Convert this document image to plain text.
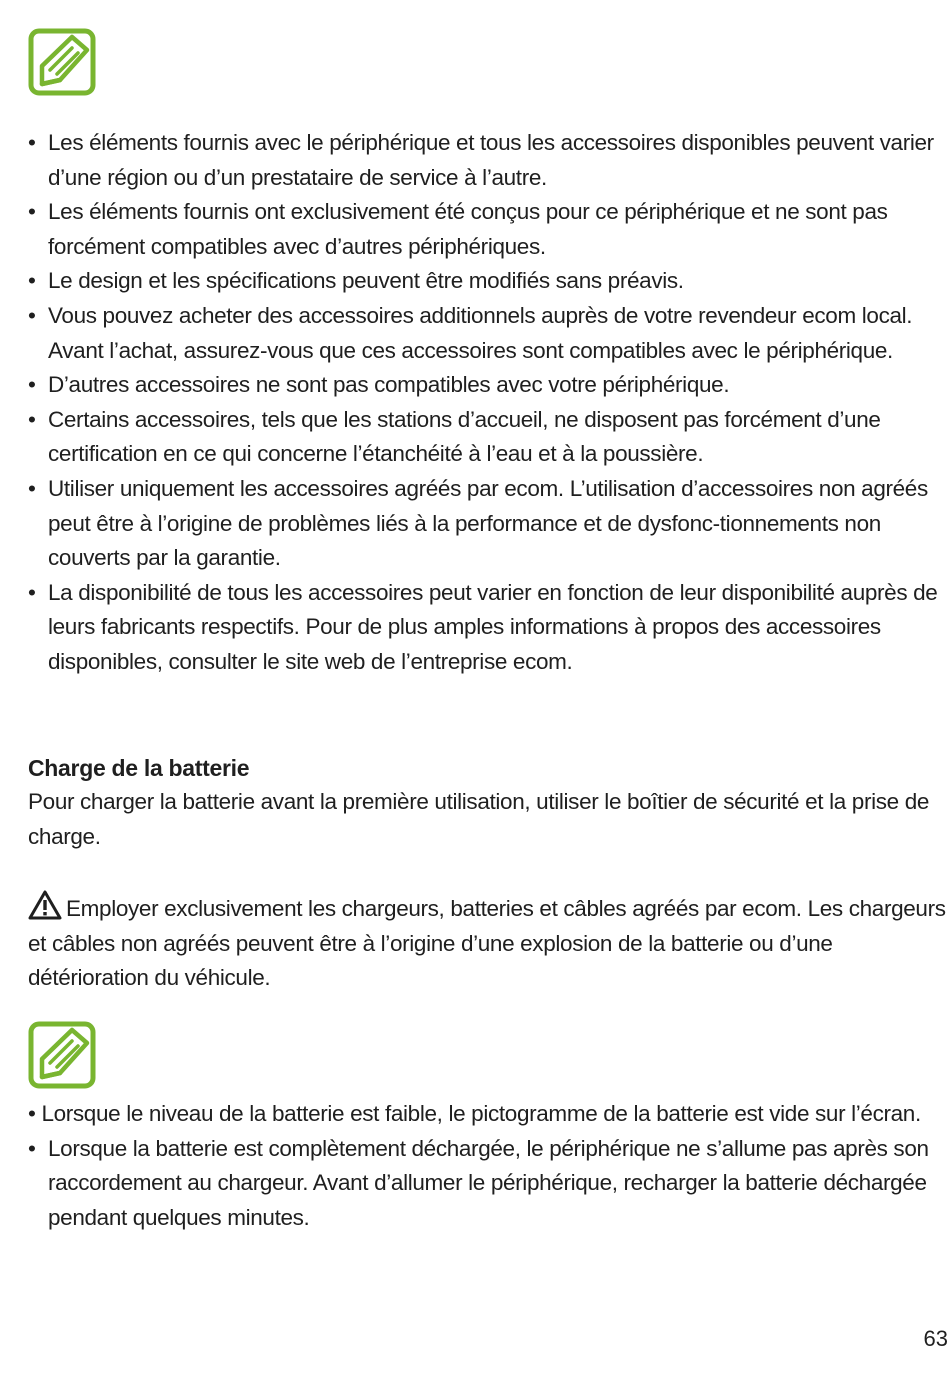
• Les éléments fournis avec le périphérique et tous les accessoires disponibles peuvent varier d’une région ou d’un prestataire de service à l’autre.
• Les éléments fournis ont exclusivement été conçus pour ce périphérique et ne sont pas forcément compatibles avec d’autres périphériques.
• Le design et les spécifications peuvent être modifiés sans préavis.
• Vous pouvez acheter des accessoires additionnels auprès de votre revendeur ecom local. Avant l’achat, assurez-vous que ces accessoires sont compatibles avec le périphérique.
• D’autres accessoires ne sont pas compatibles avec votre périphérique.
• Certains accessoires, tels que les stations d’accueil, ne disposent pas forcément d’une certification en ce qui concerne l’étanchéité à l’eau et à la poussière.
• Utiliser uniquement les accessoires agréés par ecom. L’utilisation d’accessoires non agréés peut être à l’origine de problèmes liés à la performance et de dysfonc-tionnements non couverts par la garantie.
• La disponibilité de tous les accessoires peut varier en fonction de leur disponibilité auprès de leurs fabricants respectifs. Pour de plus amples informations à propos des accessoires disponibles, consulter le site web de l’entreprise ecom.
Charge de la batterie

Pour charger la batterie avant la première utilisation, utiliser le boîtier de sécurité et la prise de charge.

Employer exclusivement les chargeurs, batteries et câbles agréés par ecom. Les chargeurs et câbles non agréés peuvent être à l’origine d’une explosion de la batterie ou d’une détérioration du véhicule.

• Lorsque le niveau de la batterie est faible, le pictogramme de la batterie est vide sur l’écran.
• Lorsque la batterie est complètement déchargée, le périphérique ne s’allume pas après son raccordement au chargeur. Avant d’allumer le périphérique, recharger la batterie déchargée pendant quelques minutes.
63
